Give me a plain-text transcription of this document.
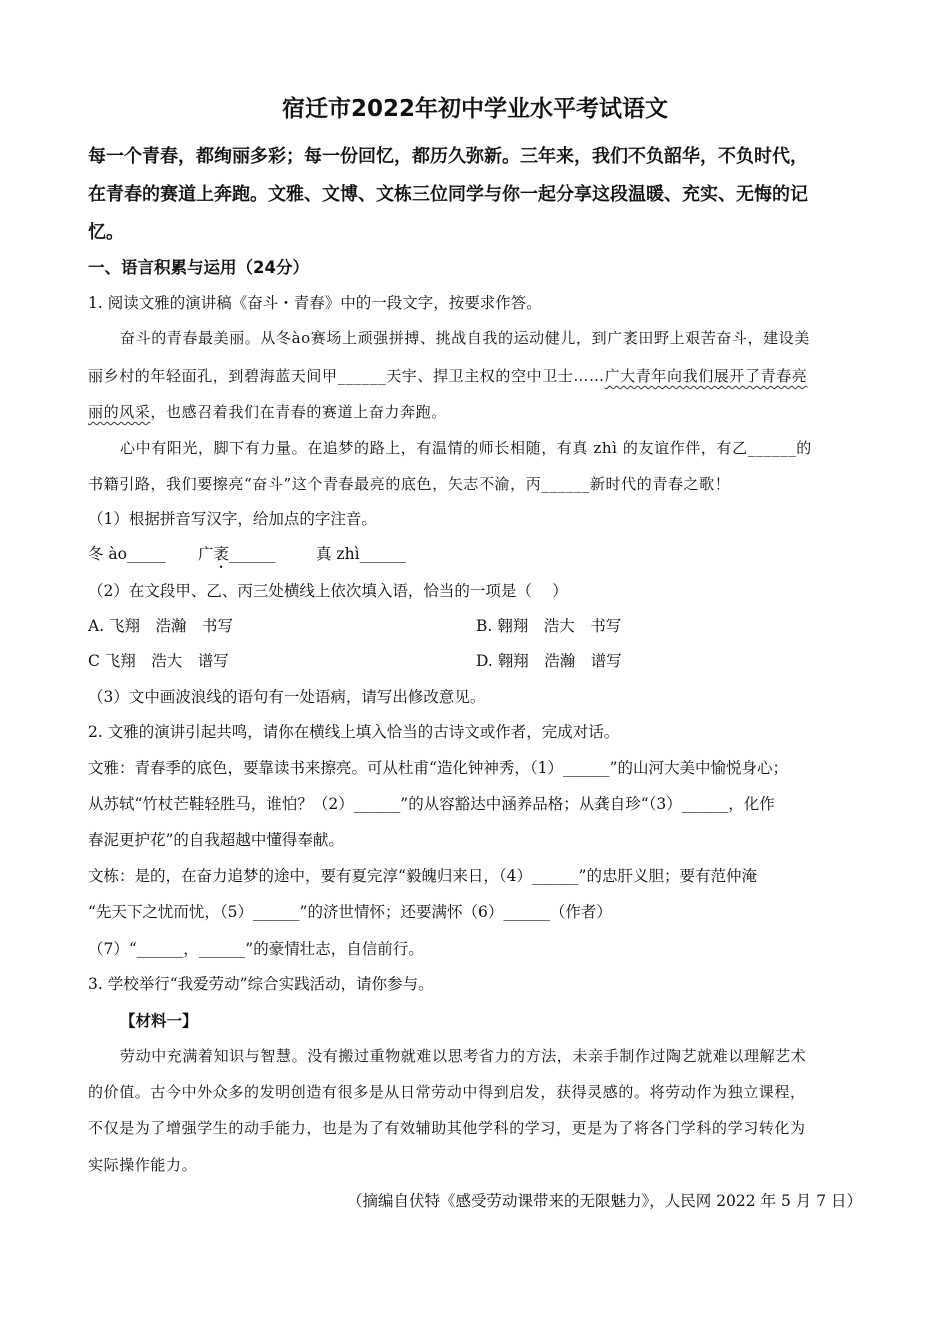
宿迁市2022年初中学业水平考试语文
每一个青春，都绚丽多彩；每一份回忆，都历久弥新。三年来，我们不负韶华，不负时代，
在青春的赛道上奔跑。文雅、文博、文栋三位同学与你一起分享这段温暖、充实、无悔的记
忆。
一、语言积累与运用（24分）
1. 阅读文雅的演讲稿《奋斗・青春》中的一段文字，按要求作答。
奋斗的青春最美丽。从冬ào赛场上顽强拼搏、挑战自我的运动健儿，到广袤田野上艰苦奋斗，建设美
丽乡村的年轻面孔，到碧海蓝天间甲______天宇、捍卫主权的空中卫士……广大青年向我们展开了青春亮
丽的风采，也感召着我们在青春的赛道上奋力奔跑。
心中有阳光，脚下有力量。在追梦的路上，有温情的师长相随，有真 zhì 的友谊作伴，有乙______的
书籍引路，我们要擦亮“奋斗”这个青春最亮的底色，矢志不渝，丙______新时代的青春之歌！
（1）根据拼音写汉字，给加点的字注音。
冬 ào_____ 广袤______	真 zhì______
（2）在文段甲、乙、丙三处横线上依次填入语，恰当的一项是（　 ）
A. 飞翔　浩瀚　书写	B. 翱翔　浩大　书写
C 飞翔　浩大　谱写	D. 翱翔　浩瀚　谱写
（3）文中画波浪线的语句有一处语病，请写出修改意见。
2. 文雅的演讲引起共鸣，请你在横线上填入恰当的古诗文或作者，完成对话。
文雅：青春季的底色，要靠读书来擦亮。可从杜甫“造化钟神秀，（1）______”的山河大美中愉悦身心；
从苏轼“竹杖芒鞋轻胜马，谁怕？（2）______”的从容豁达中涵养品格；从龚自珍“（3）______，化作
春泥更护花”的自我超越中懂得奉献。
文栋：是的，在奋力追梦的途中，要有夏完淳“毅魄归来日，（4）______”的忠肝义胆；要有范仲淹
“先天下之忧而忧，（5）______”的济世情怀；还要满怀（6）______（作者）
（7）“______，______”的豪情壮志，自信前行。
3. 学校举行“我爱劳动”综合实践活动，请你参与。
【材料一】
劳动中充满着知识与智慧。没有搬过重物就难以思考省力的方法，未亲手制作过陶艺就难以理解艺术
的价值。古今中外众多的发明创造有很多是从日常劳动中得到启发，获得灵感的。将劳动作为独立课程，
不仅是为了增强学生的动手能力，也是为了有效辅助其他学科的学习，更是为了将各门学科的学习转化为
实际操作能力。
（摘编自伏特《感受劳动课带来的无限魅力》，人民网 2022 年 5 月 7 日）
